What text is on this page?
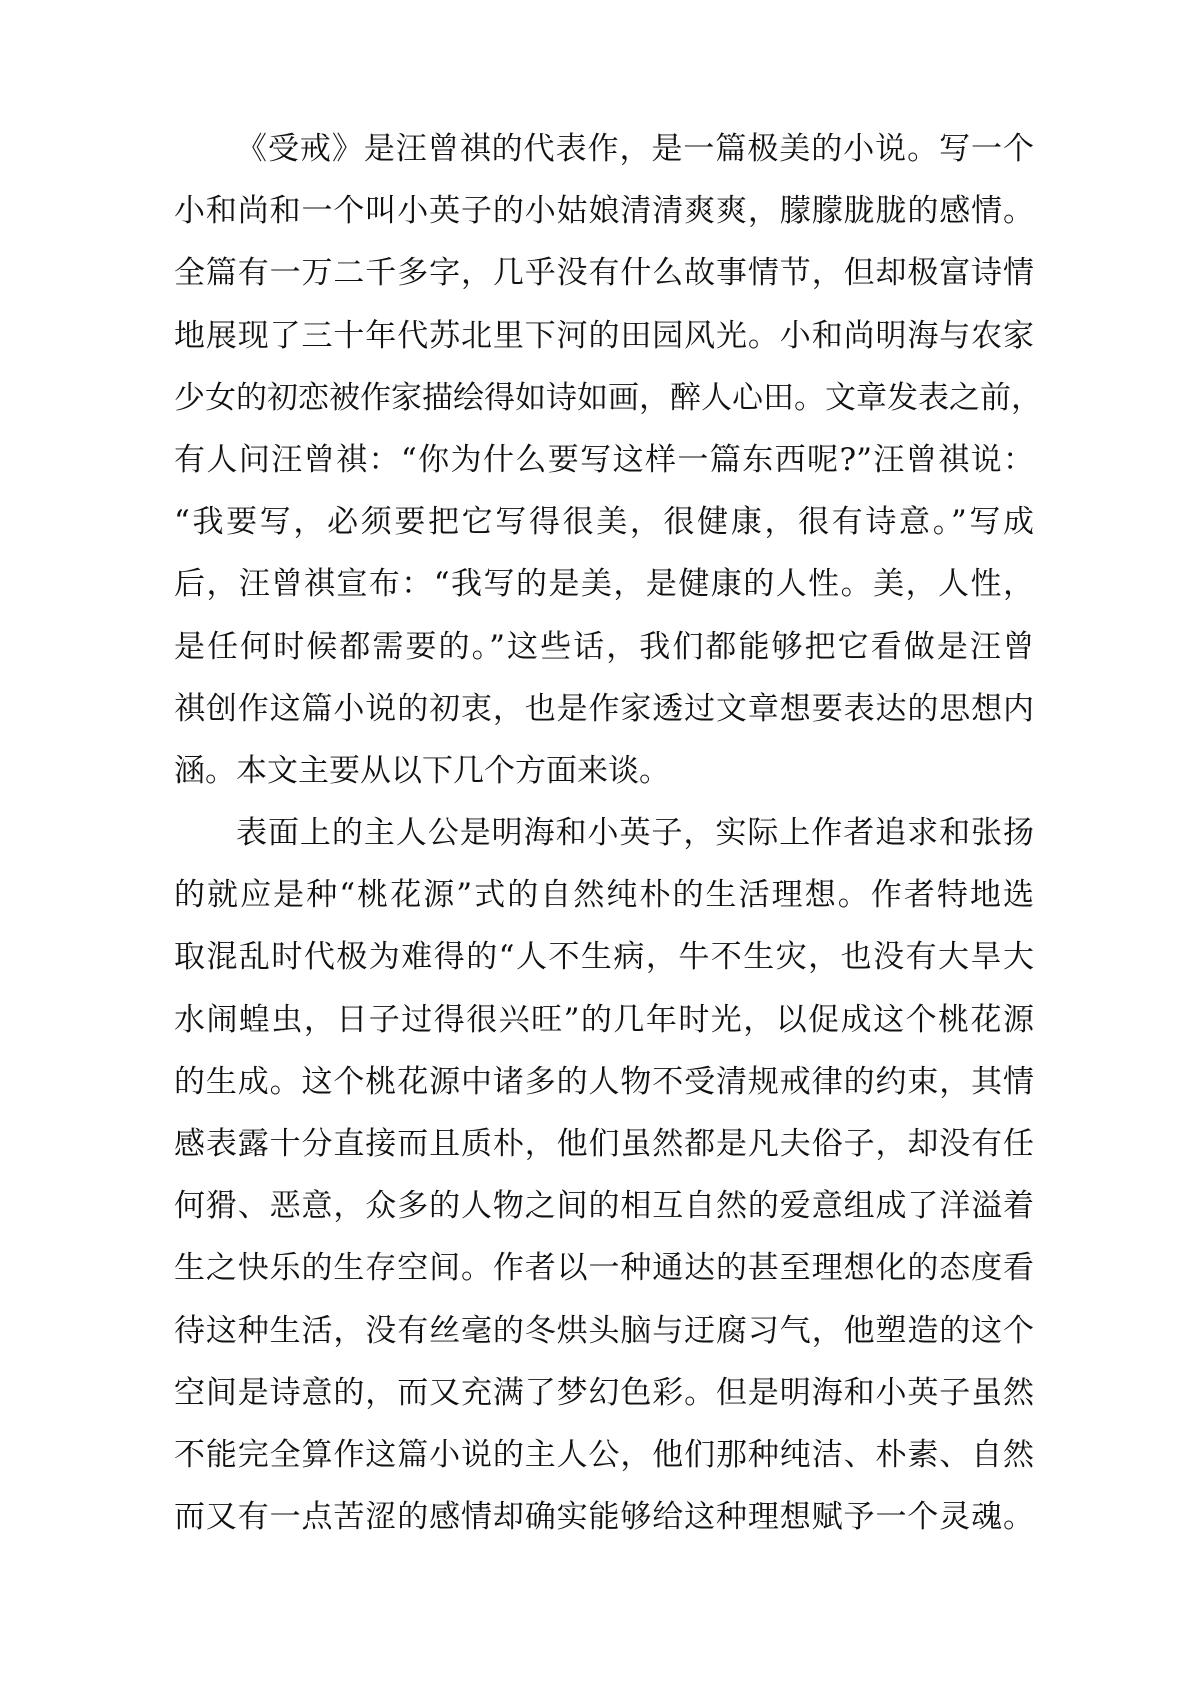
《受戒》是汪曾祺的代表作，是一篇极美的小说。写一个
小和尚和一个叫小英子的小姑娘清清爽爽，朦朦胧胧的感情。
全篇有一万二千多字，几乎没有什么故事情节，但却极富诗情
地展现了三十年代苏北里下河的田园风光。小和尚明海与农家
少女的初恋被作家描绘得如诗如画，醉人心田。文章发表之前，
有人问汪曾祺：“你为什么要写这样一篇东西呢?”汪曾祺说：
“我要写，必须要把它写得很美，很健康，很有诗意。”写成
后，汪曾祺宣布：“我写的是美，是健康的人性。美，人性，
是任何时候都需要的。”这些话，我们都能够把它看做是汪曾
祺创作这篇小说的初衷，也是作家透过文章想要表达的思想内
涵。本文主要从以下几个方面来谈。
表面上的主人公是明海和小英子，实际上作者追求和张扬
的就应是种“桃花源”式的自然纯朴的生活理想。作者特地选
取混乱时代极为难得的“人不生病，牛不生灾，也没有大旱大
水闹蝗虫，日子过得很兴旺”的几年时光，以促成这个桃花源
的生成。这个桃花源中诸多的人物不受清规戒律的约束，其情
感表露十分直接而且质朴，他们虽然都是凡夫俗子，却没有任
何猾、恶意，众多的人物之间的相互自然的爱意组成了洋溢着
生之快乐的生存空间。作者以一种通达的甚至理想化的态度看
待这种生活，没有丝毫的冬烘头脑与迂腐习气，他塑造的这个
空间是诗意的，而又充满了梦幻色彩。但是明海和小英子虽然
不能完全算作这篇小说的主人公，他们那种纯洁、朴素、自然
而又有一点苦涩的感情却确实能够给这种理想赋予一个灵魂。
